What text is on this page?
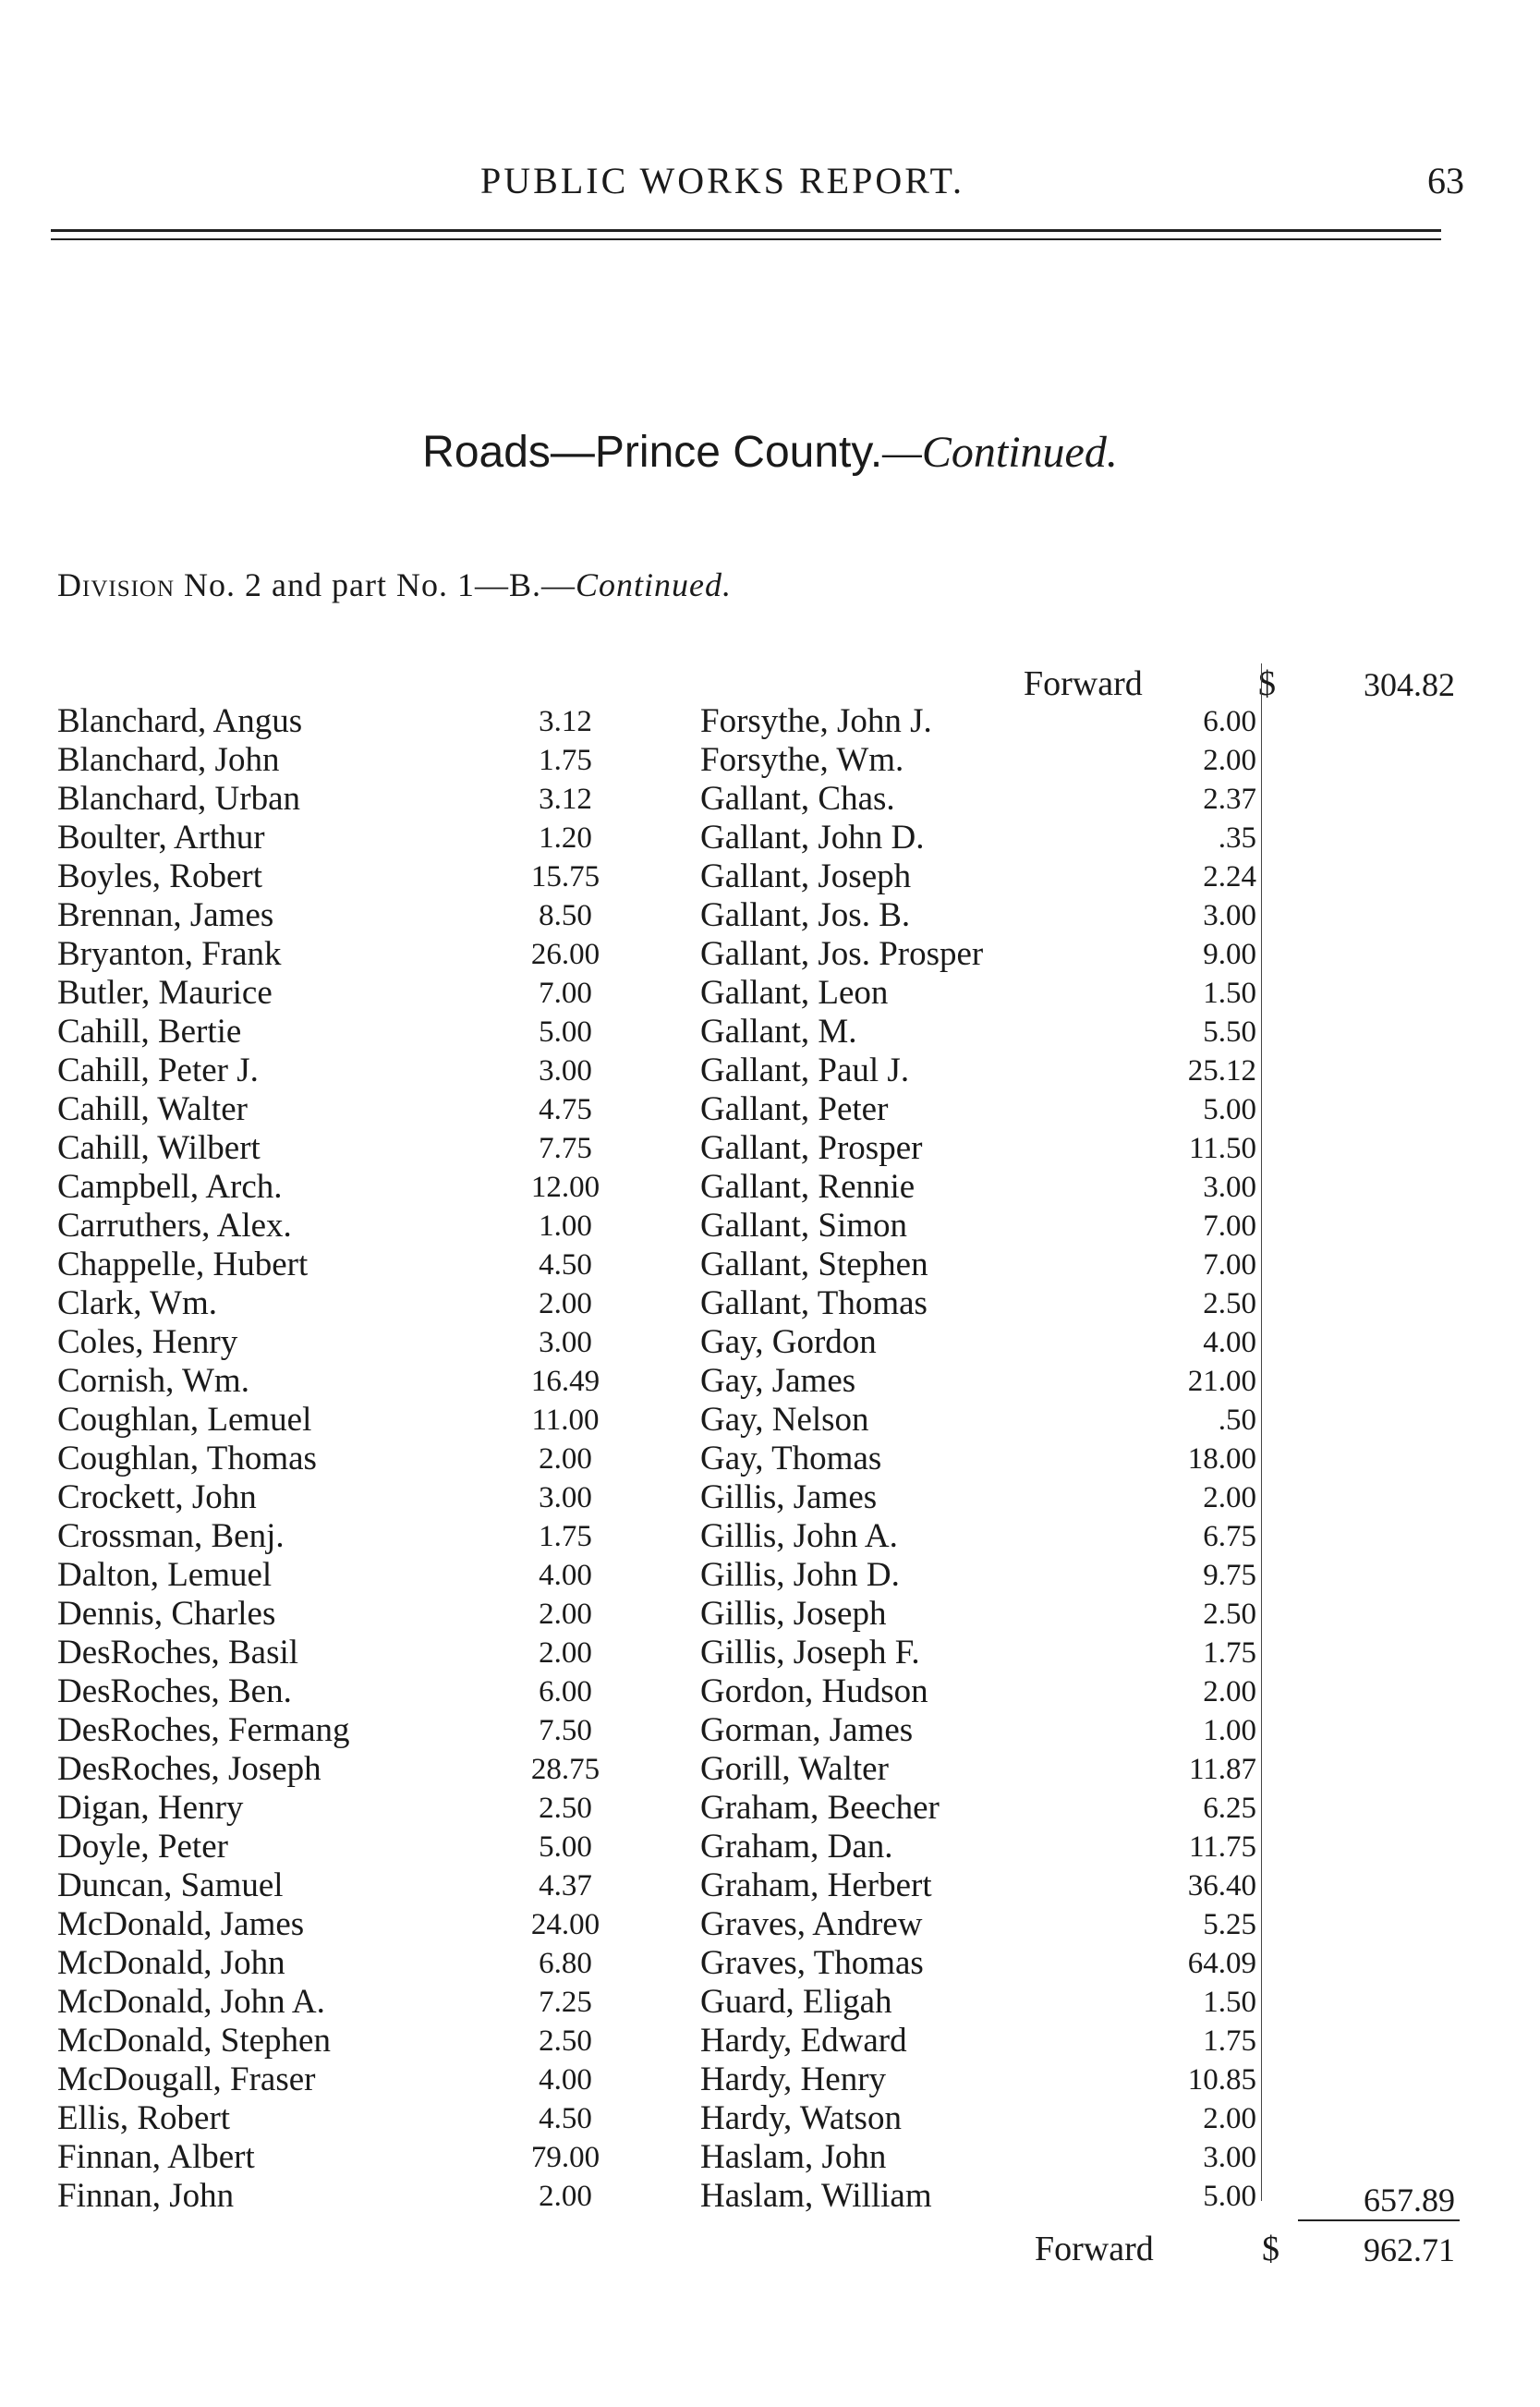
PUBLIC WORKS REPORT.	63
Roads—Prince County.—Continued.
Division No. 2 and part No. 1—B.—Continued.
Forward	$	304.82
Blanchard, Angus	3.12
Blanchard, John	1.75
Blanchard, Urban	3.12
Boulter, Arthur	1.20
Boyles, Robert	15.75
Brennan, James	8.50
Bryanton, Frank	26.00
Butler, Maurice	7.00
Cahill, Bertie	5.00
Cahill, Peter J.	3.00
Cahill, Walter	4.75
Cahill, Wilbert	7.75
Campbell, Arch.	12.00
Carruthers, Alex.	1.00
Chappelle, Hubert	4.50
Clark, Wm.	2.00
Coles, Henry	3.00
Cornish, Wm.	16.49
Coughlan, Lemuel	11.00
Coughlan, Thomas	2.00
Crockett, John	3.00
Crossman, Benj.	1.75
Dalton, Lemuel	4.00
Dennis, Charles	2.00
DesRoches, Basil	2.00
DesRoches, Ben.	6.00
DesRoches, Fermang	7.50
DesRoches, Joseph	28.75
Digan, Henry	2.50
Doyle, Peter	5.00
Duncan, Samuel	4.37
McDonald, James	24.00
McDonald, John	6.80
McDonald, John A.	7.25
McDonald, Stephen	2.50
McDougall, Fraser	4.00
Ellis, Robert	4.50
Finnan, Albert	79.00
Finnan, John	2.00
Forsythe, John J.	6.00
Forsythe, Wm.	2.00
Gallant, Chas.	2.37
Gallant, John D.	.35
Gallant, Joseph	2.24
Gallant, Jos. B.	3.00
Gallant, Jos. Prosper	9.00
Gallant, Leon	1.50
Gallant, M.	5.50
Gallant, Paul J.	25.12
Gallant, Peter	5.00
Gallant, Prosper	11.50
Gallant, Rennie	3.00
Gallant, Simon	7.00
Gallant, Stephen	7.00
Gallant, Thomas	2.50
Gay, Gordon	4.00
Gay, James	21.00
Gay, Nelson	.50
Gay, Thomas	18.00
Gillis, James	2.00
Gillis, John A.	6.75
Gillis, John D.	9.75
Gillis, Joseph	2.50
Gillis, Joseph F.	1.75
Gordon, Hudson	2.00
Gorman, James	1.00
Gorill, Walter	11.87
Graham, Beecher	6.25
Graham, Dan.	11.75
Graham, Herbert	36.40
Graves, Andrew	5.25
Graves, Thomas	64.09
Guard, Eligah	1.50
Hardy, Edward	1.75
Hardy, Henry	10.85
Hardy, Watson	2.00
Haslam, John	3.00
Haslam, William	5.00	657.89
Forward	$	962.71
